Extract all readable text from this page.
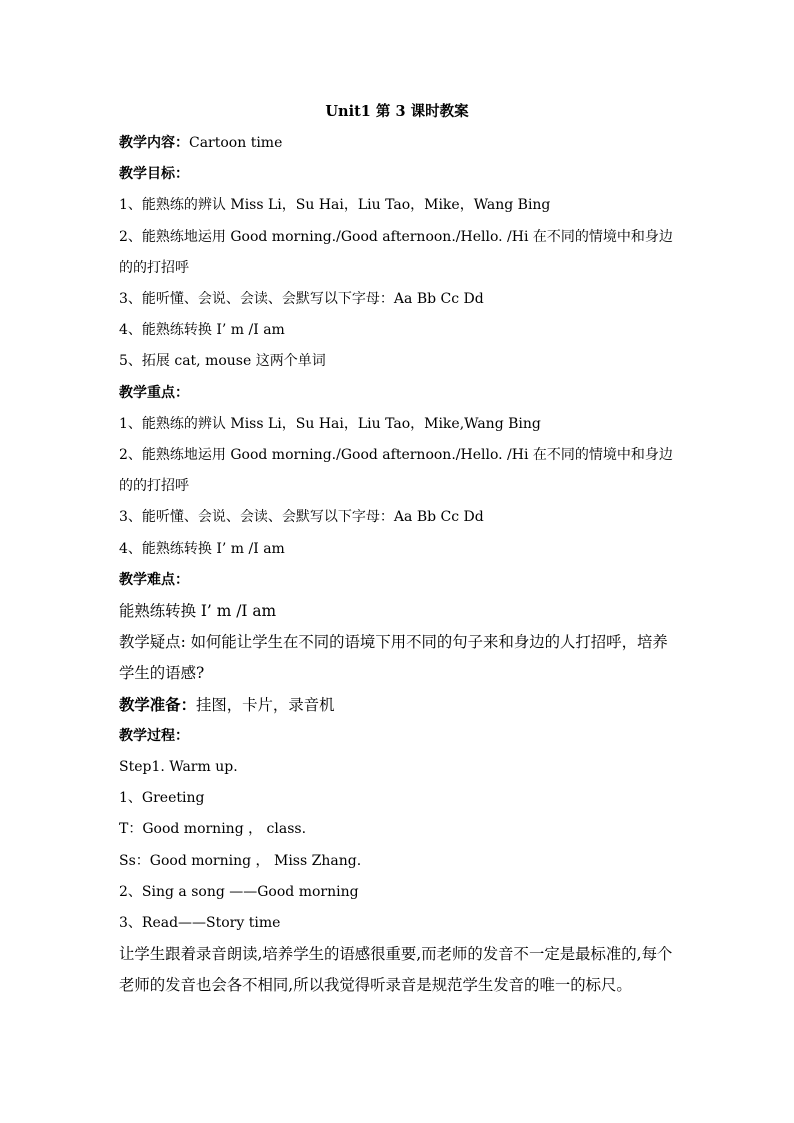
Unit1 第 3 课时教案
教学内容：Cartoon time
教学目标：
1、能熟练的辨认 Miss Li，Su Hai，Liu Tao，Mike，Wang Bing
2、能熟练地运用 Good morning./Good afternoon./Hello. /Hi 在不同的情境中和身边的的打招呼
3、能听懂、会说、会读、会默写以下字母：Aa Bb Cc Dd
4、能熟练转换 I’ m /I am
5、拓展 cat, mouse 这两个单词
教学重点：
1、能熟练的辨认 Miss Li，Su Hai，Liu Tao，Mike,Wang Bing
2、能熟练地运用 Good morning./Good afternoon./Hello. /Hi 在不同的情境中和身边的的打招呼
3、能听懂、会说、会读、会默写以下字母：Aa Bb Cc Dd
4、能熟练转换 I’ m /I am
教学难点：
能熟练转换 I’ m /I am
教学疑点: 如何能让学生在不同的语境下用不同的句子来和身边的人打招呼，培养学生的语感?
教学准备：挂图，卡片，录音机
教学过程：
Step1. Warm up.
1、Greeting
T：Good morning ， class.
Ss：Good morning ， Miss Zhang.
2、Sing a song ——Good morning
3、Read——Story time
让学生跟着录音朗读,培养学生的语感很重要,而老师的发音不一定是最标准的,每个老师的发音也会各不相同,所以我觉得听录音是规范学生发音的唯一的标尺。
